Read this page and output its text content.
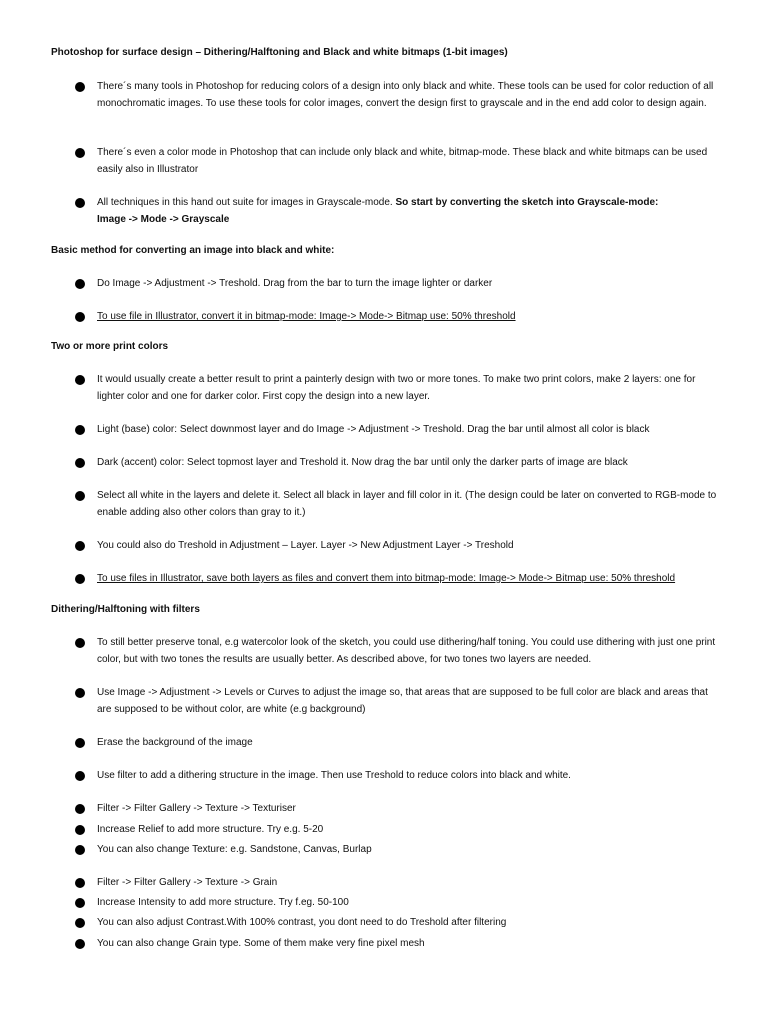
Photoshop for surface design – Dithering/Halftoning and Black and white bitmaps (1-bit images)
There´s many tools in Photoshop for reducing colors of a design into only black and white. These tools can be used for color reduction of all monochromatic images. To use these tools for color images, convert the design first to grayscale and in the end add color to design again.
There´s even a color mode in Photoshop that can include only black and white, bitmap-mode. These black and white bitmaps can be used easily also in Illustrator
All techniques in this hand out suite for images in Grayscale-mode. So start by converting the sketch into Grayscale-mode:
Image -> Mode -> Grayscale
Basic method for converting an image into black and white:
Do Image -> Adjustment -> Treshold. Drag from the bar to turn the image lighter or darker
To use file in Illustrator, convert it in bitmap-mode: Image-> Mode-> Bitmap use: 50% threshold
Two or more print colors
It would usually create a better result to print a painterly design with two or more tones. To make two print colors, make 2 layers: one for lighter color and one for darker color. First copy the design into a new layer.
Light (base) color: Select downmost layer and do Image -> Adjustment -> Treshold. Drag the bar until almost all color is black
Dark (accent) color: Select topmost layer and Treshold it. Now drag the bar until only the darker parts of image are black
Select all white in the layers and delete it. Select all black in layer and fill color in it. (The design could be later on converted to RGB-mode to enable adding also other colors than gray to it.)
You could also do Treshold in Adjustment – Layer. Layer -> New Adjustment Layer -> Treshold
To use files in Illustrator, save both layers as files and convert them into bitmap-mode: Image-> Mode-> Bitmap use: 50% threshold
Dithering/Halftoning with filters
To still better preserve tonal, e.g watercolor look of the sketch, you could use dithering/half toning. You could use dithering with just one print color, but with two tones the results are usually better. As described above, for two tones two layers are needed.
Use Image -> Adjustment -> Levels or Curves to adjust the image so, that areas that are supposed to be full color are black and areas that are supposed to be without color, are white (e.g background)
Erase the background of the image
Use filter to add a dithering structure in the image. Then use Treshold to reduce colors into black and white.
Filter -> Filter Gallery -> Texture -> Texturiser
Increase Relief to add more structure. Try e.g. 5-20
You can also change Texture: e.g. Sandstone, Canvas, Burlap
Filter -> Filter Gallery -> Texture -> Grain
Increase Intensity to add more structure. Try f.eg. 50-100
You can also adjust Contrast.With 100% contrast, you dont need to do Treshold after filtering
You can also change Grain type. Some of them make very fine pixel mesh
